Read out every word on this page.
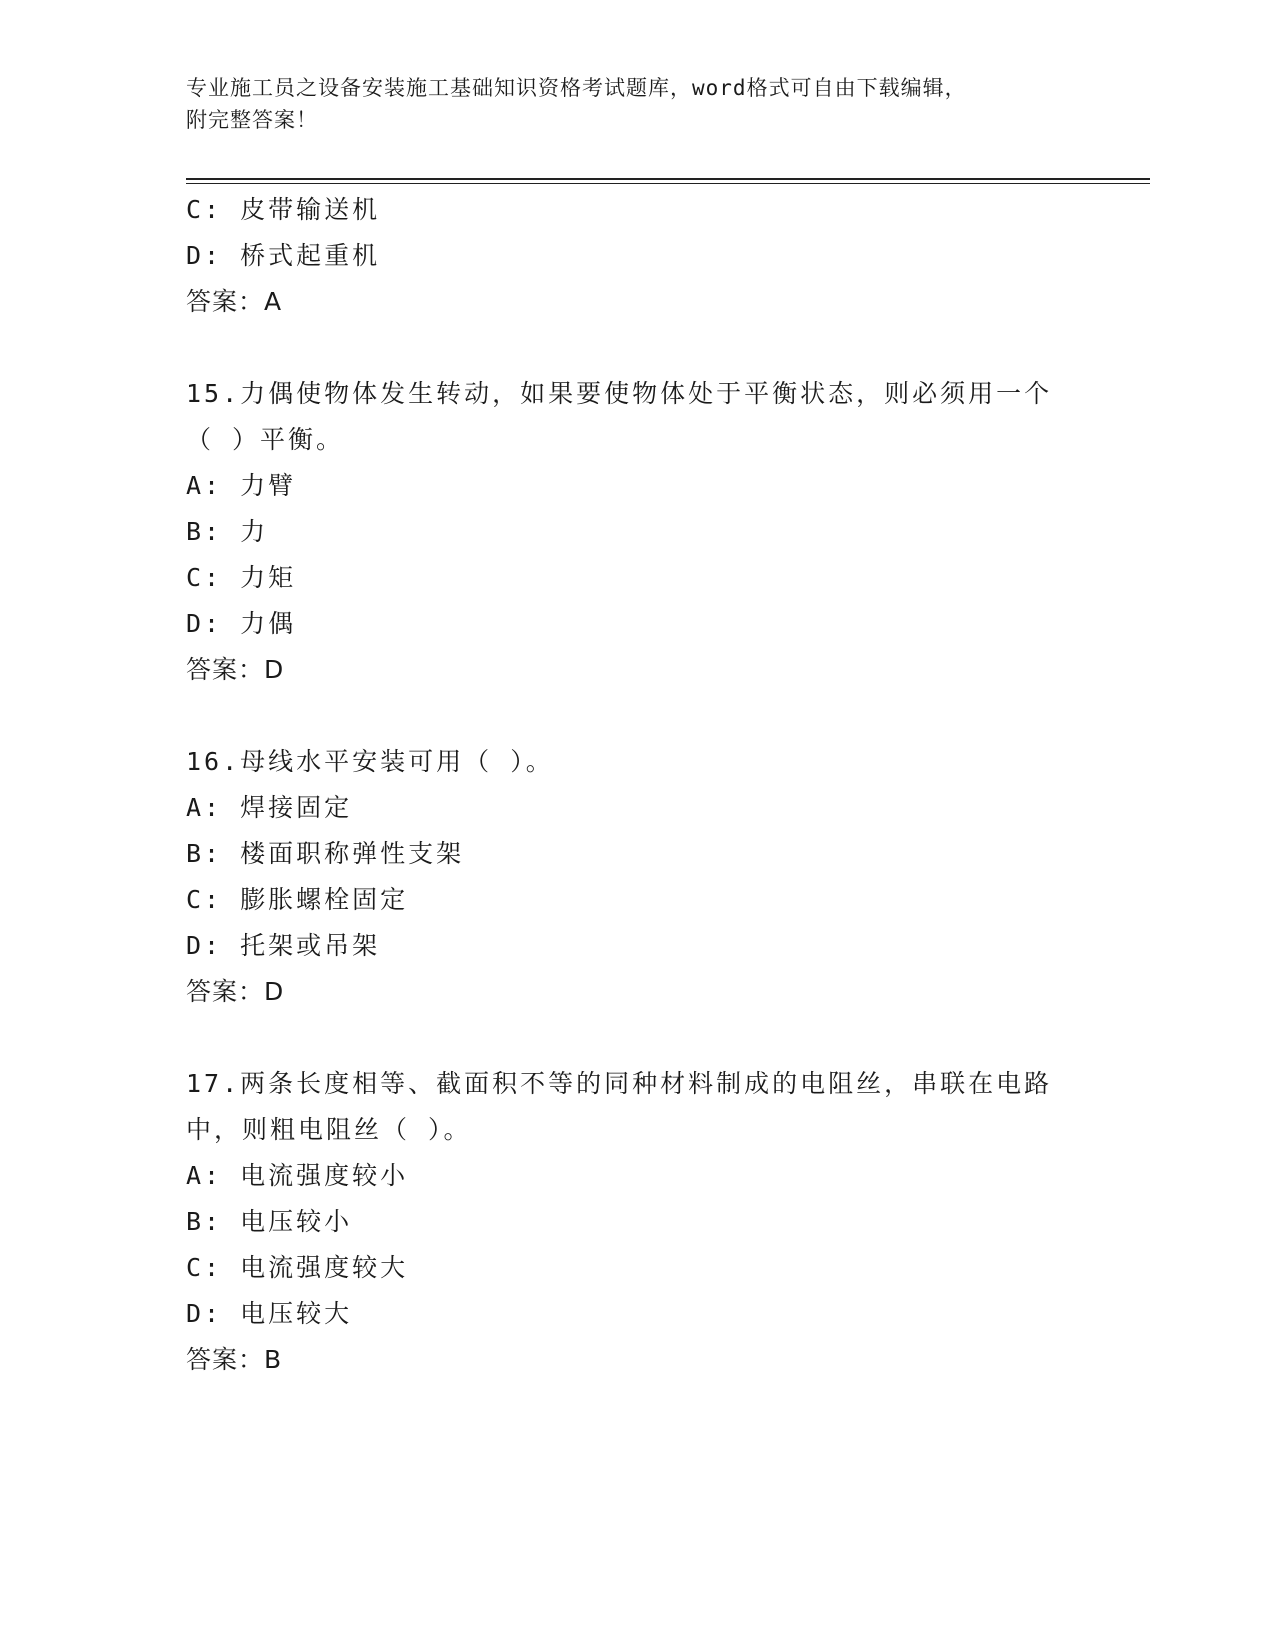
专业施工员之设备安装施工基础知识资格考试题库，word格式可自由下载编辑，
附完整答案！
C: 皮带输送机
D: 桥式起重机
答案：A
15.力偶使物体发生转动，如果要使物体处于平衡状态，则必须用一个
（ ）平衡。
A: 力臂
B: 力
C: 力矩
D: 力偶
答案：D
16.母线水平安装可用（ ）。
A: 焊接固定
B: 楼面职称弹性支架
C: 膨胀螺栓固定
D: 托架或吊架
答案：D
17.两条长度相等、截面积不等的同种材料制成的电阻丝，串联在电路
中，则粗电阻丝（ ）。
A: 电流强度较小
B: 电压较小
C: 电流强度较大
D: 电压较大
答案：B
